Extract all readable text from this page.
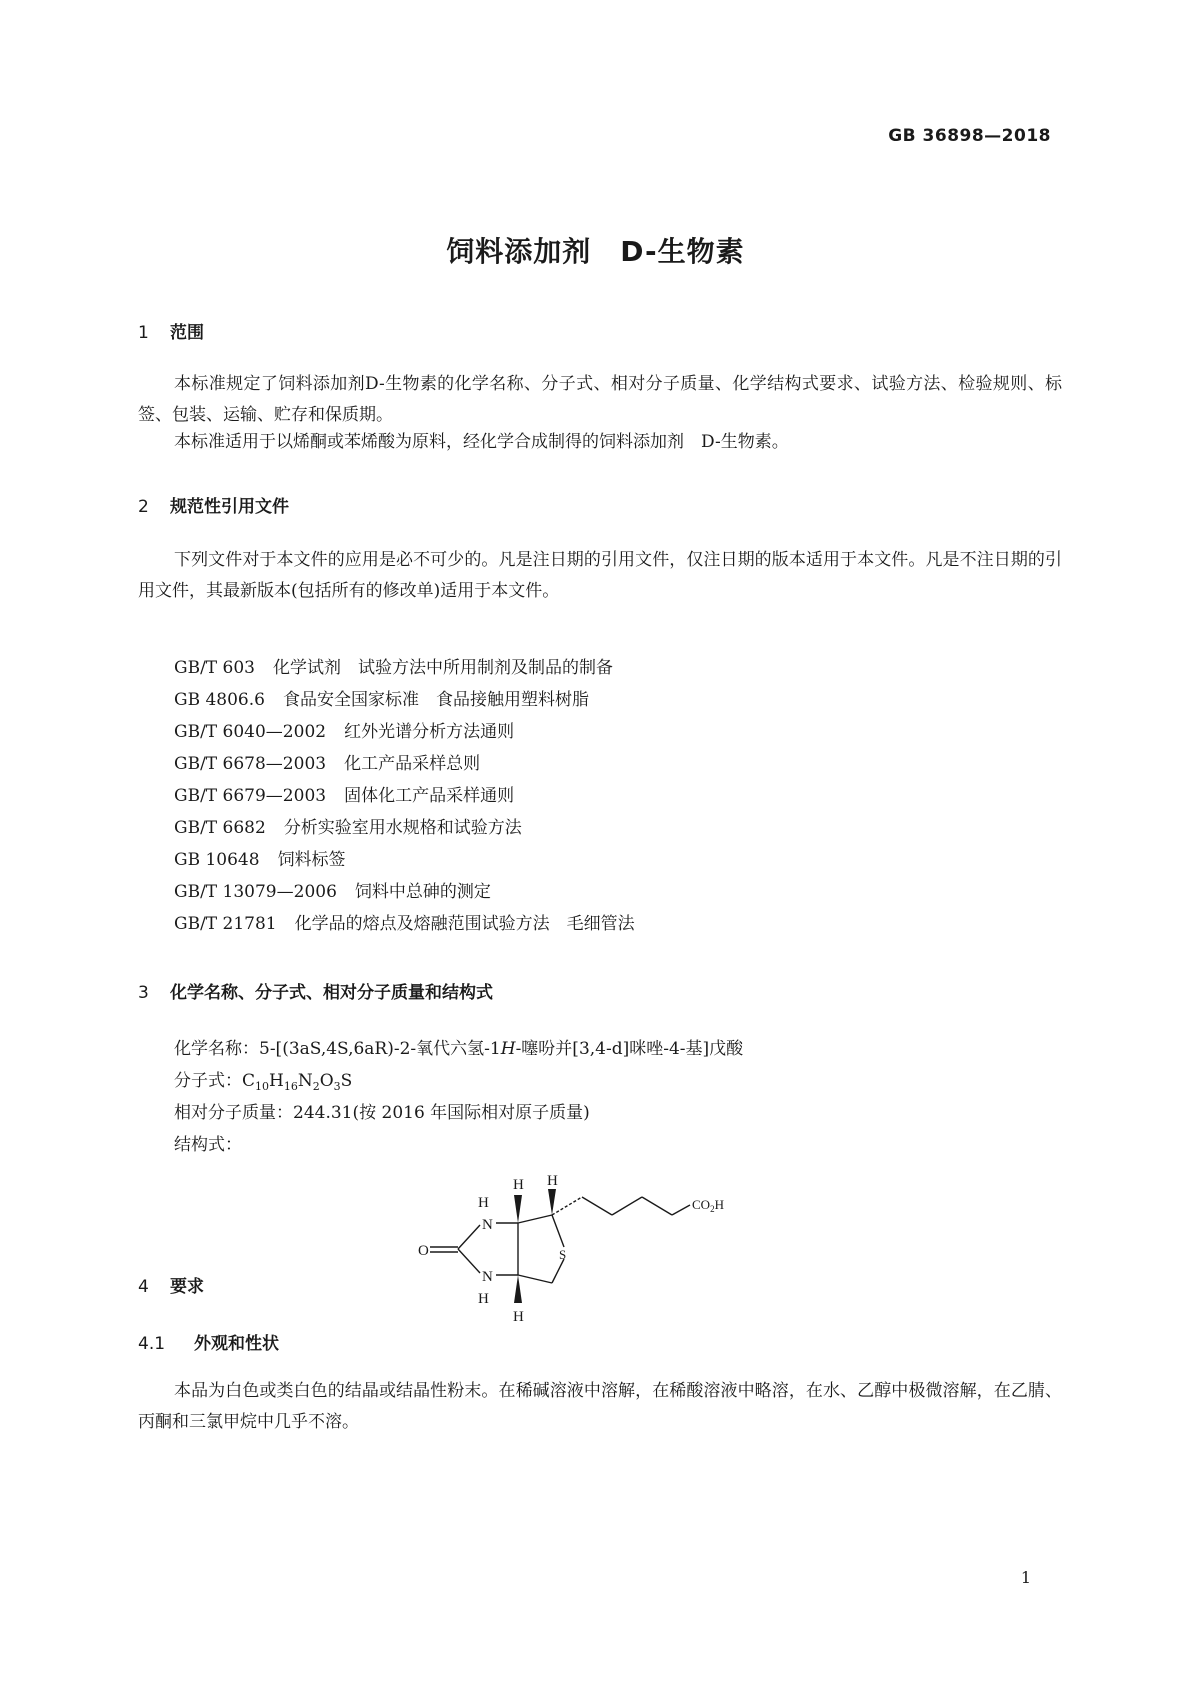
GB 36898—2018
饲料添加剂　D-生物素
1 范围
本标准规定了饲料添加剂D-生物素的化学名称、分子式、相对分子质量、化学结构式要求、试验方法、检验规则、标签、包装、运输、贮存和保质期。
本标准适用于以烯酮或苯烯酸为原料，经化学合成制得的饲料添加剂　D-生物素。
2 规范性引用文件
下列文件对于本文件的应用是必不可少的。凡是注日期的引用文件，仅注日期的版本适用于本文件。凡是不注日期的引用文件，其最新版本(包括所有的修改单)适用于本文件。
GB/T 603 化学试剂　试验方法中所用制剂及制品的制备
GB 4806.6 食品安全国家标准　食品接触用塑料树脂
GB/T 6040—2002 红外光谱分析方法通则
GB/T 6678—2003 化工产品采样总则
GB/T 6679—2003 固体化工产品采样通则
GB/T 6682 分析实验室用水规格和试验方法
GB 10648 饲料标签
GB/T 13079—2006 饲料中总砷的测定
GB/T 21781 化学品的熔点及熔融范围试验方法　毛细管法
3 化学名称、分子式、相对分子质量和结构式
化学名称：5-[(3aS,4S,6aR)-2-氧代六氢-1H-噻吩并[3,4-d]咪唑-4-基]戊酸
分子式：$C_{10}H_{16}N_2O_3S$
相对分子质量：244.31(按 2016 年国际相对原子质量)
结构式：
N
H
N
H
O
H H
H
S
$CO_2H$
4 要求
4.1 外观和性状
本品为白色或类白色的结晶或结晶性粉末。在稀碱溶液中溶解，在稀酸溶液中略溶，在水、乙醇中极微溶解，在乙腈、丙酮和三氯甲烷中几乎不溶。
1
